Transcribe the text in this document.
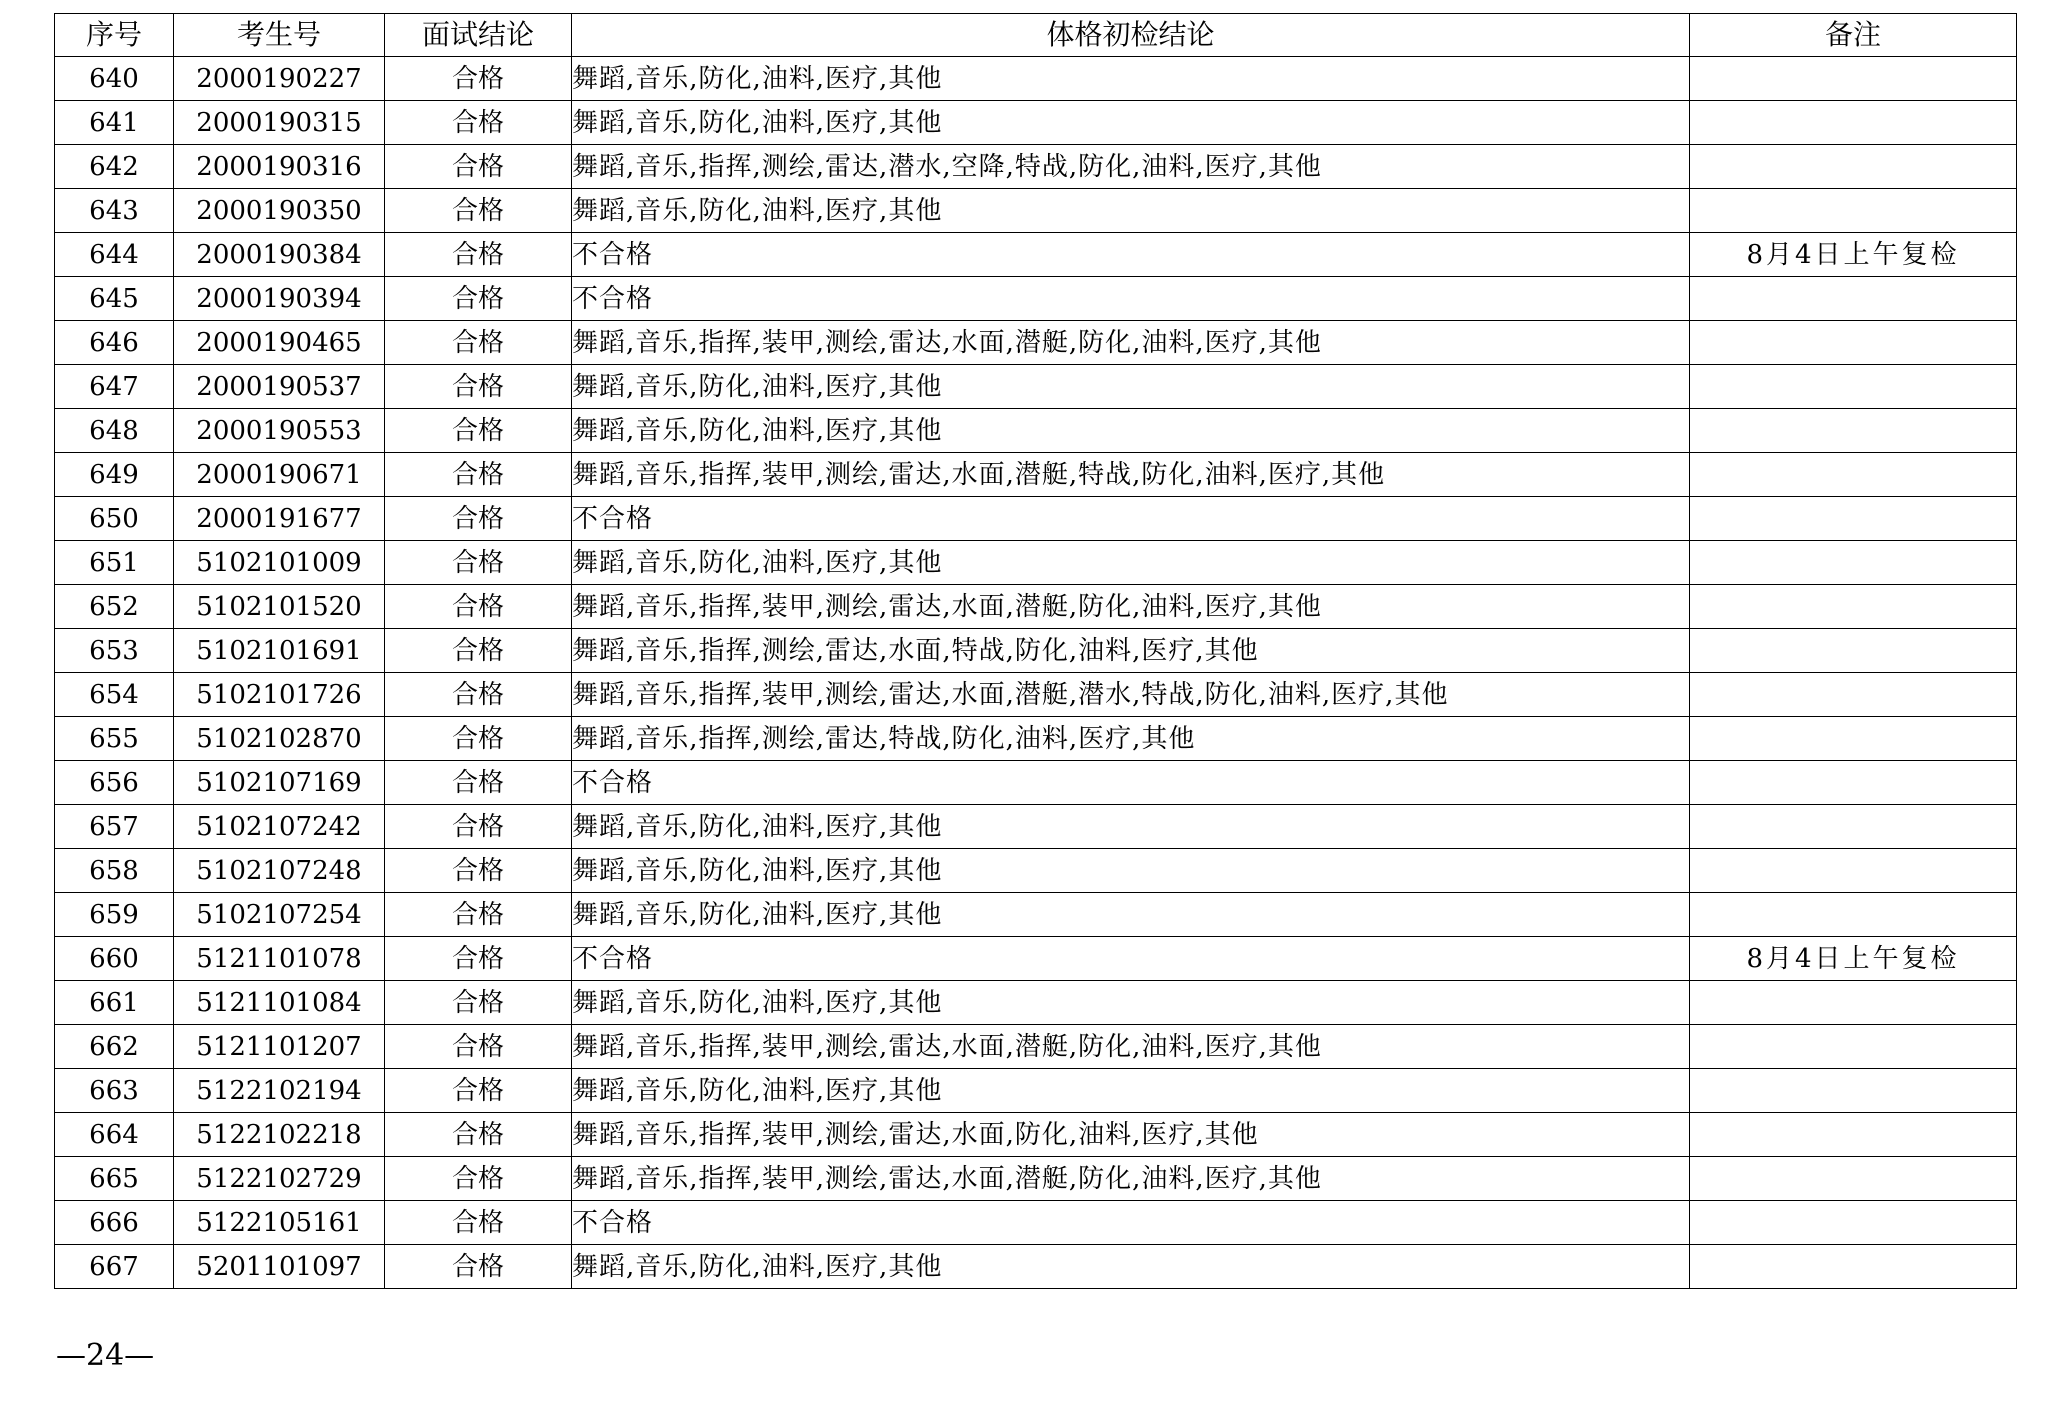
序号	考生号	面试结论	体格初检结论	备注
640	2000190227	合格	舞蹈,音乐,防化,油料,医疗,其他	
641	2000190315	合格	舞蹈,音乐,防化,油料,医疗,其他	
642	2000190316	合格	舞蹈,音乐,指挥,测绘,雷达,潜水,空降,特战,防化,油料,医疗,其他	
643	2000190350	合格	舞蹈,音乐,防化,油料,医疗,其他	
644	2000190384	合格	不合格	8月4日上午复检
645	2000190394	合格	不合格	
646	2000190465	合格	舞蹈,音乐,指挥,装甲,测绘,雷达,水面,潜艇,防化,油料,医疗,其他	
647	2000190537	合格	舞蹈,音乐,防化,油料,医疗,其他	
648	2000190553	合格	舞蹈,音乐,防化,油料,医疗,其他	
649	2000190671	合格	舞蹈,音乐,指挥,装甲,测绘,雷达,水面,潜艇,特战,防化,油料,医疗,其他	
650	2000191677	合格	不合格	
651	5102101009	合格	舞蹈,音乐,防化,油料,医疗,其他	
652	5102101520	合格	舞蹈,音乐,指挥,装甲,测绘,雷达,水面,潜艇,防化,油料,医疗,其他	
653	5102101691	合格	舞蹈,音乐,指挥,测绘,雷达,水面,特战,防化,油料,医疗,其他	
654	5102101726	合格	舞蹈,音乐,指挥,装甲,测绘,雷达,水面,潜艇,潜水,特战,防化,油料,医疗,其他	
655	5102102870	合格	舞蹈,音乐,指挥,测绘,雷达,特战,防化,油料,医疗,其他	
656	5102107169	合格	不合格	
657	5102107242	合格	舞蹈,音乐,防化,油料,医疗,其他	
658	5102107248	合格	舞蹈,音乐,防化,油料,医疗,其他	
659	5102107254	合格	舞蹈,音乐,防化,油料,医疗,其他	
660	5121101078	合格	不合格	8月4日上午复检
661	5121101084	合格	舞蹈,音乐,防化,油料,医疗,其他	
662	5121101207	合格	舞蹈,音乐,指挥,装甲,测绘,雷达,水面,潜艇,防化,油料,医疗,其他	
663	5122102194	合格	舞蹈,音乐,防化,油料,医疗,其他	
664	5122102218	合格	舞蹈,音乐,指挥,装甲,测绘,雷达,水面,防化,油料,医疗,其他	
665	5122102729	合格	舞蹈,音乐,指挥,装甲,测绘,雷达,水面,潜艇,防化,油料,医疗,其他	
666	5122105161	合格	不合格	
667	5201101097	合格	舞蹈,音乐,防化,油料,医疗,其他	
—24—
